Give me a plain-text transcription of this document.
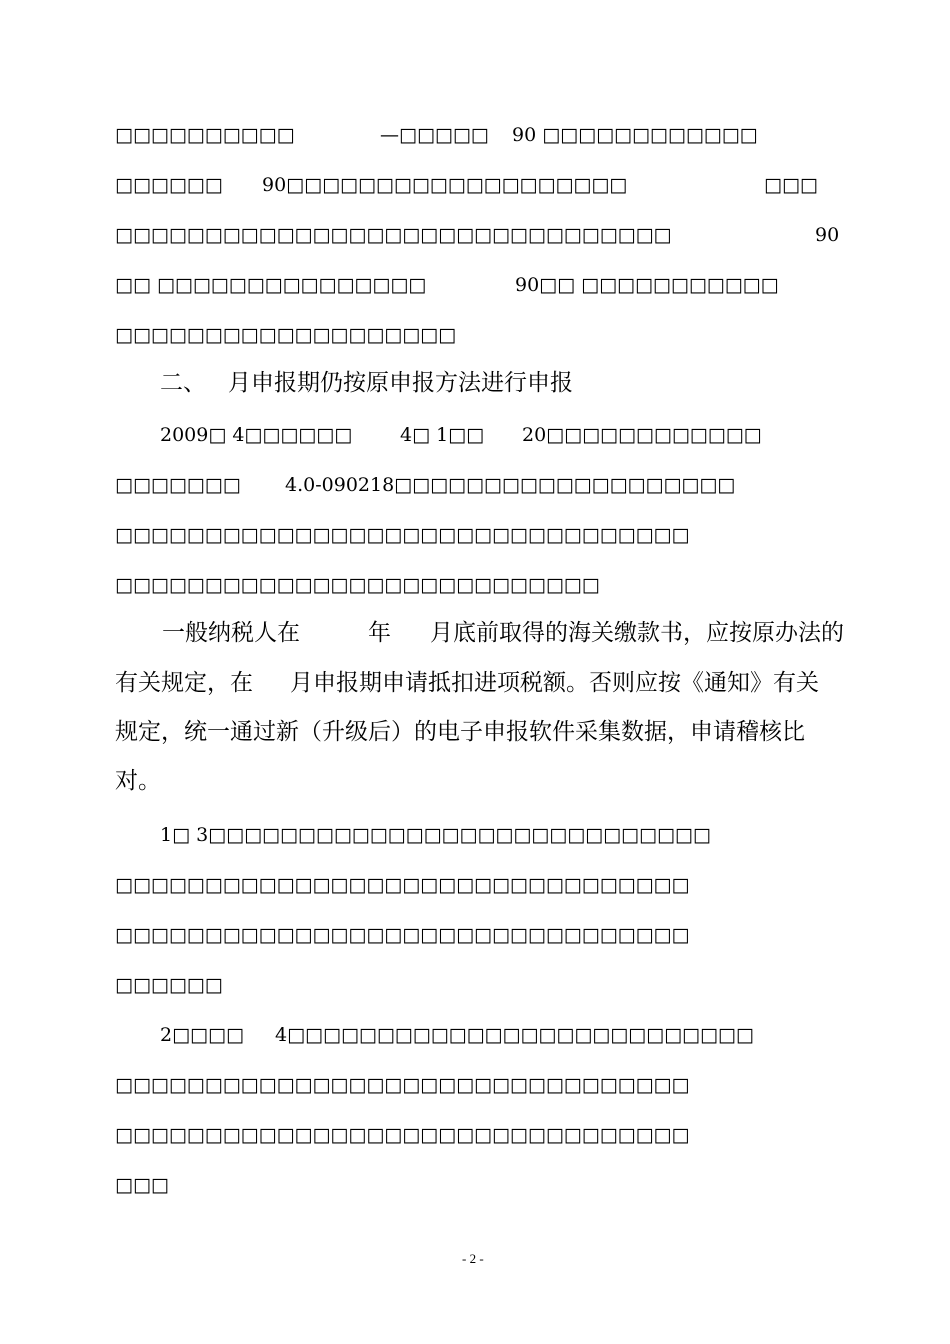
□□□□□□□□□□	—□□□□□ 90 □□□□□□□□□□□□
□□□□□□ 90□□□□□□□□□□□□□□□□□□□	□□□
□□□□□□□□□□□□□□□□□□□□□□□□□□□□□□□	90
□□ □□□□□□□□□□□□□□□	90□□ □□□□□□□□□□□
□□□□□□□□□□□□□□□□□□□
二、 月申报期仍按原申报方法进行申报
2009□ 4□□□□□□	4□ 1□□ 20□□□□□□□□□□□□
□□□□□□□ 4.0-090218□□□□□□□□□□□□□□□□□□□
□□□□□□□□□□□□□□□□□□□□□□□□□□□□□□□□
□□□□□□□□□□□□□□□□□□□□□□□□□□□
一般纳税人在	年 月底前取得的海关缴款书，应按原办法的
有关规定，在 月申报期申请抵扣进项税额。否则应按《通知》有关
规定，统一通过新（升级后）的电子申报软件采集数据，申请稽核比
对。
1□ 3□□□□□□□□□□□□□□□□□□□□□□□□□□□□
□□□□□□□□□□□□□□□□□□□□□□□□□□□□□□□□
□□□□□□□□□□□□□□□□□□□□□□□□□□□□□□□□
□□□□□□
2□□□□ 4□□□□□□□□□□□□□□□□□□□□□□□□□□
□□□□□□□□□□□□□□□□□□□□□□□□□□□□□□□□
□□□□□□□□□□□□□□□□□□□□□□□□□□□□□□□□
□□□
- 2 -
